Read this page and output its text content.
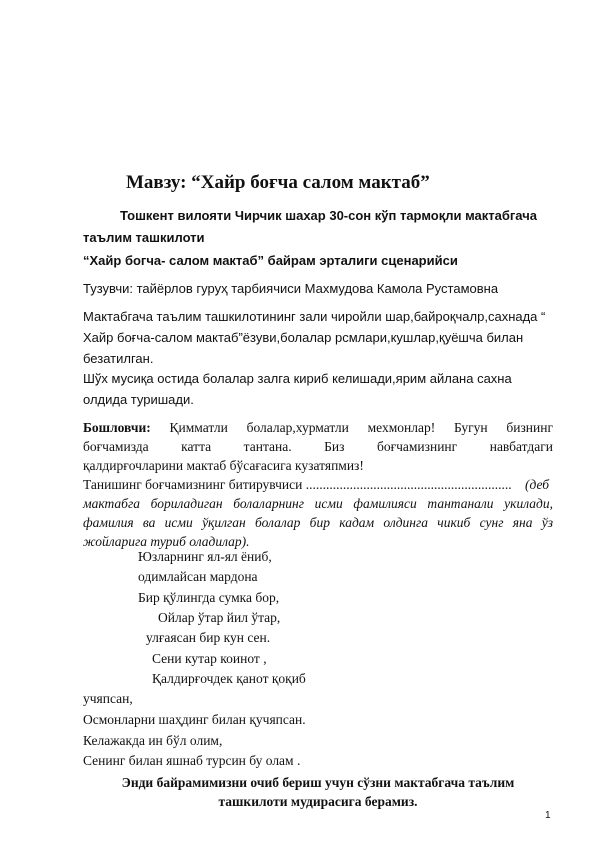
Мавзу: “Хайр боғча салом мактаб”
Тошкент вилояти Чирчик шахар 30-сон кўп тармоқли мактабгача
таълим ташкилоти
“Хайр богча- салом мактаб” байрам эрталиги сценарийси
Тузувчи: тайёрлов гуруҳ тарбиячиси Махмудова Камола Рустамовна
Мактабгача таълим ташкилотининг зали чиройли шар,байроқчалр,сахнада “
Хайр боғча-салом мактаб”ёзуви,болалар рсмлари,кушлар,қуёшча билан
безатилган.
Шўх мусиқа остида болалар залга кириб келишади,ярим айлана сахна
олдида туришади.
Бошловчи: Қимматли болалар,хурматли мехмонлар! Бугун бизнинг
боғчамизда катта тантана. Биз боғчамизнинг навбатдаги
қалдирғочларини мактаб бўсағасига кузатяпмиз!
Танишинг боғчамизнинг битирувчиси ............................................................. (деб
мактабга бориладиган болаларнинг исми фамилияси тантанали укилади,
фамилия ва исми ўқилган болалар бир кадам олдинга чикиб сунг яна ўз
жойларига туриб оладилар).
Юзларнинг ял-ял ёниб,
одимлайсан мардона
Бир қўлингда сумка бор,
Ойлар ўтар йил ўтар,
улғаясан бир кун сен.
Сени кутар коинот ,
Қалдирғочдек қанот қоқиб
учяпсан,
Осмонларни шаҳдинг билан қучяпсан.
Келажакда ин бўл олим,
Сенинг билан яшнаб турсин бу олам .
Энди байрамимизни очиб бериш учун сўзни мактабгача таълим
ташкилоти мудирасига берамиз.
1
